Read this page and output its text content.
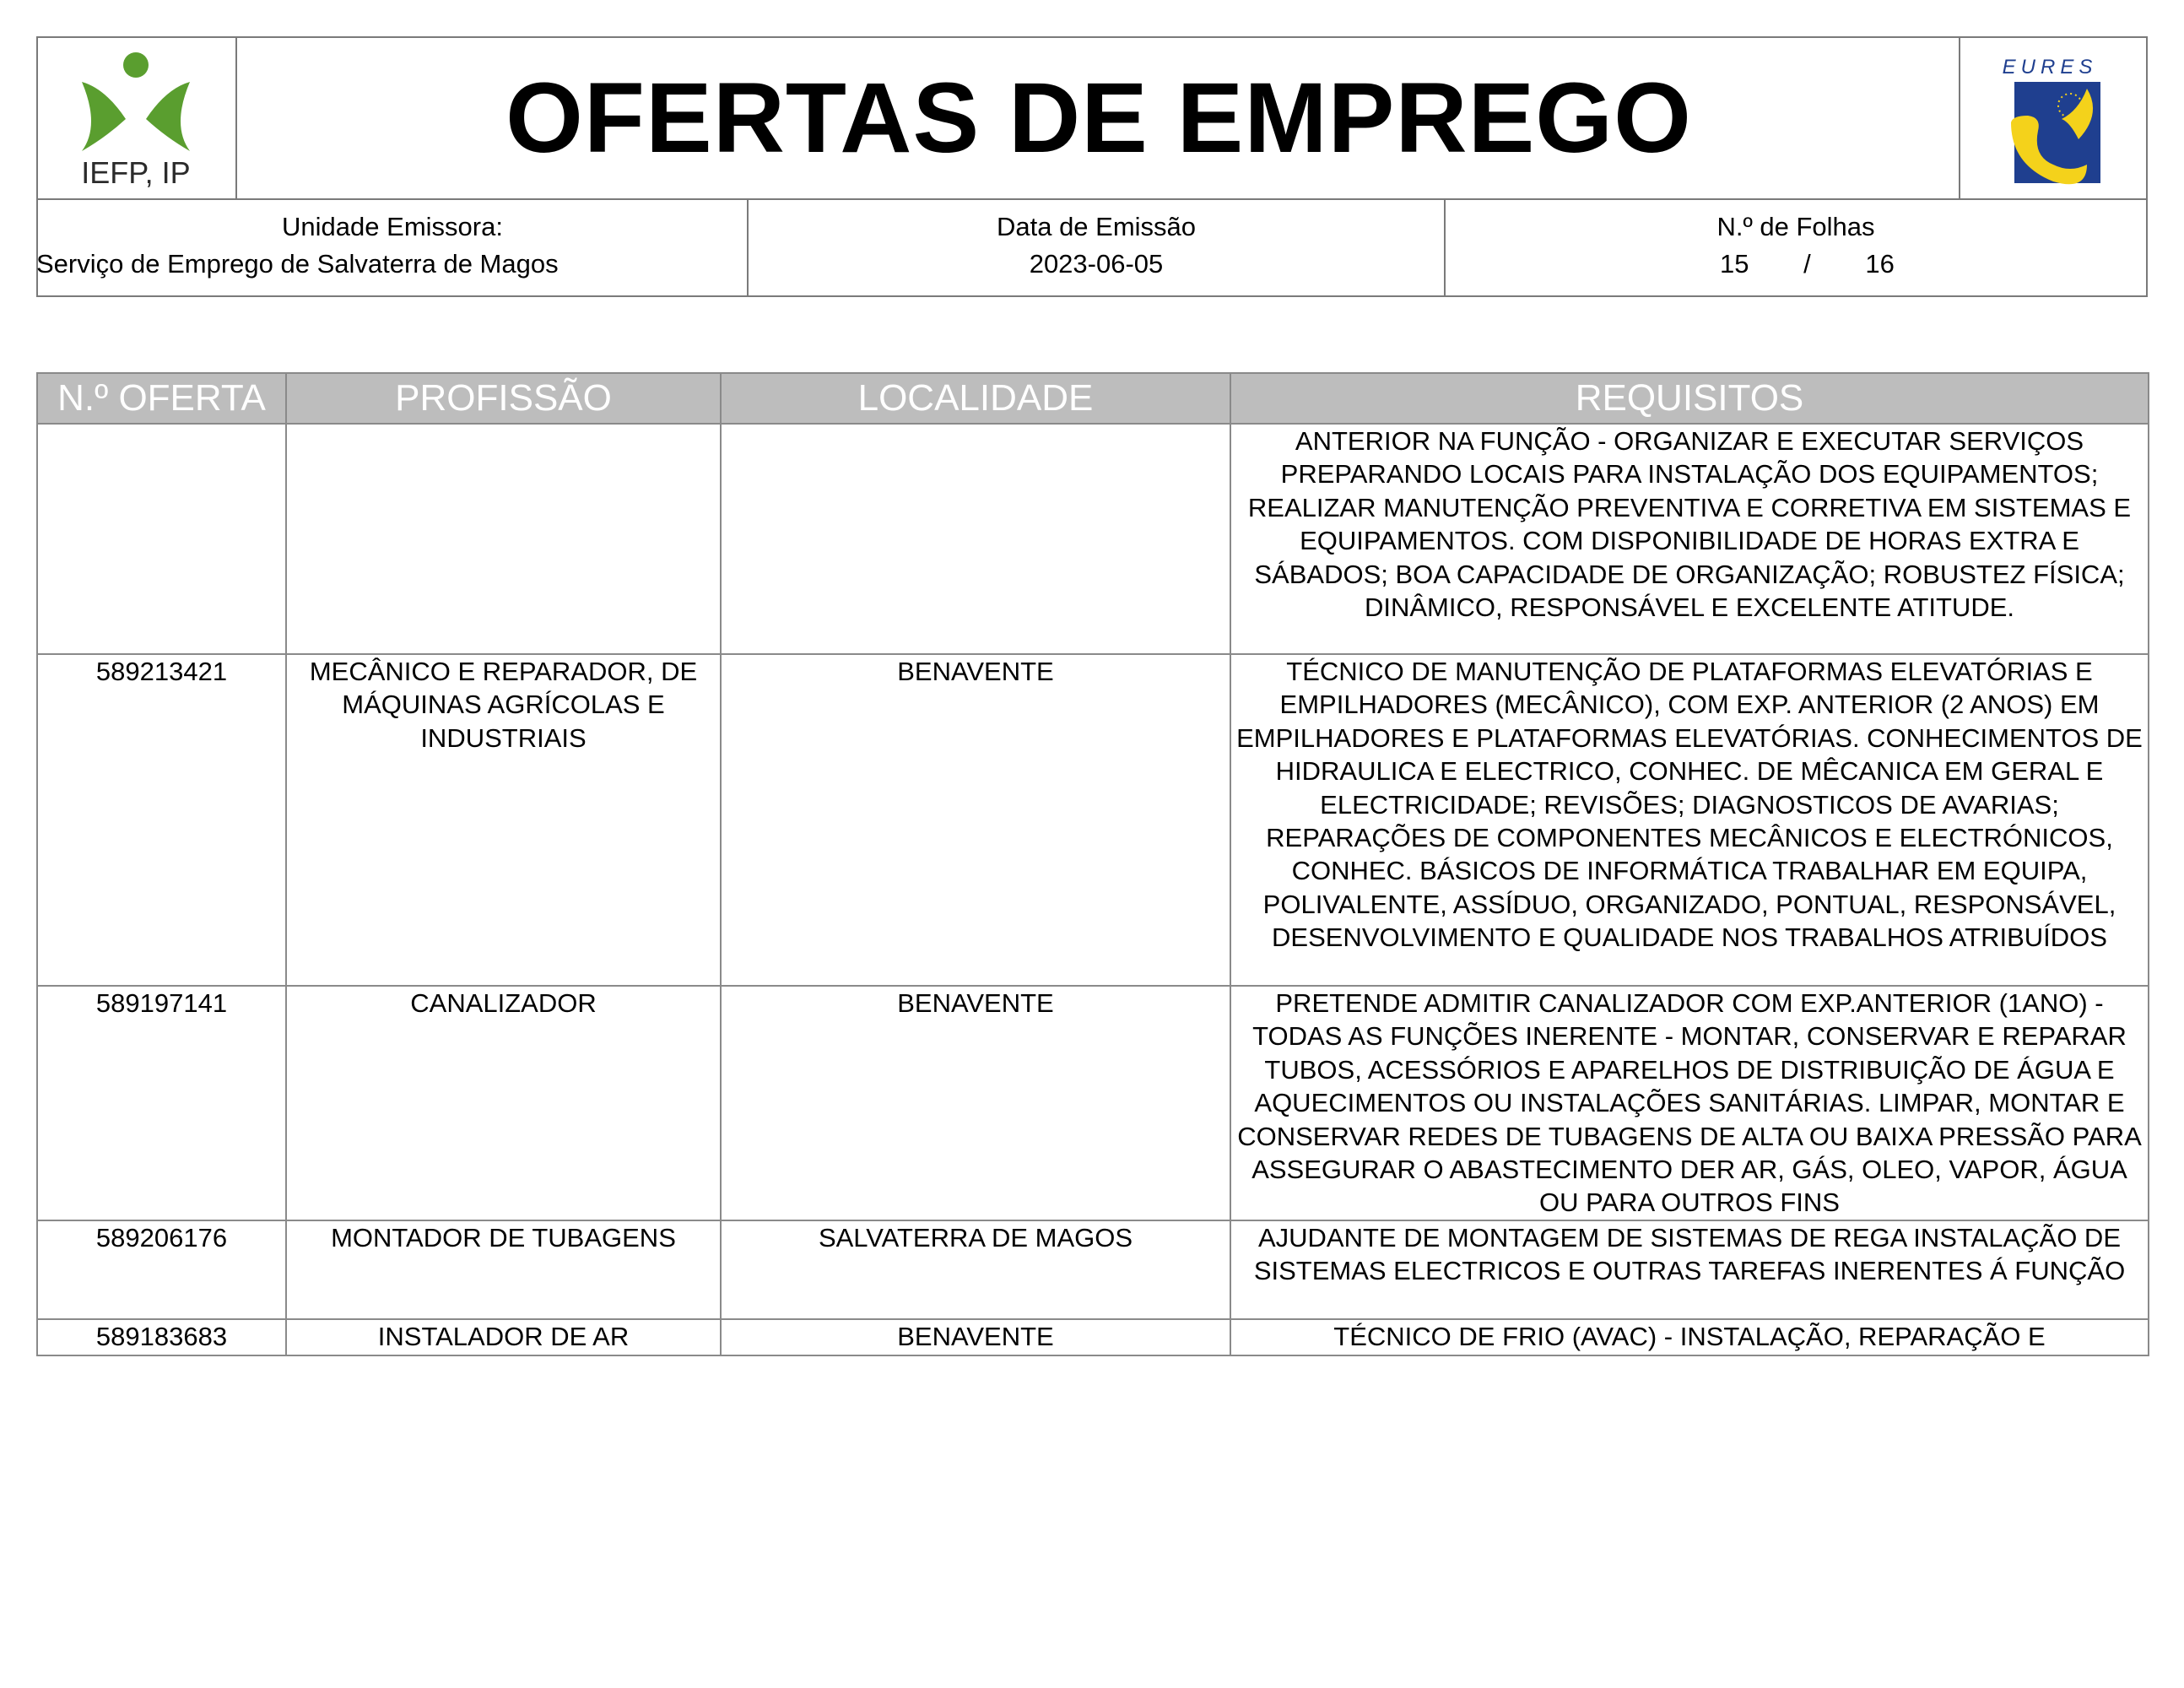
IEFP, IP	OFERTAS DE EMPREGO	EURES
Unidade Emissora:
Serviço de Emprego de Salvaterra de Magos
Data de Emissão
2023-06-05
N.º de Folhas
15 / 16
N.º OFERTA	PROFISSÃO	LOCALIDADE	REQUISITOS
			ANTERIOR NA FUNÇÃO - ORGANIZAR E EXECUTAR SERVIÇOS PREPARANDO LOCAIS PARA INSTALAÇÃO DOS EQUIPAMENTOS; REALIZAR MANUTENÇÃO PREVENTIVA E CORRETIVA EM SISTEMAS E EQUIPAMENTOS. COM DISPONIBILIDADE DE HORAS EXTRA E SÁBADOS; BOA CAPACIDADE DE ORGANIZAÇÃO; ROBUSTEZ FÍSICA; DINÂMICO, RESPONSÁVEL E EXCELENTE ATITUDE.
589213421	MECÂNICO E REPARADOR, DE MÁQUINAS AGRÍCOLAS E INDUSTRIAIS	BENAVENTE	TÉCNICO DE MANUTENÇÃO DE PLATAFORMAS ELEVATÓRIAS E EMPILHADORES (MECÂNICO), COM EXP. ANTERIOR (2 ANOS) EM EMPILHADORES E PLATAFORMAS ELEVATÓRIAS. CONHECIMENTOS DE HIDRAULICA E ELECTRICO, CONHEC. DE MÊCANICA EM GERAL E ELECTRICIDADE; REVISÕES; DIAGNOSTICOS DE AVARIAS; REPARAÇÕES DE COMPONENTES MECÂNICOS E ELECTRÓNICOS, CONHEC. BÁSICOS DE INFORMÁTICA TRABALHAR EM EQUIPA, POLIVALENTE, ASSÍDUO, ORGANIZADO, PONTUAL, RESPONSÁVEL, DESENVOLVIMENTO E QUALIDADE NOS TRABALHOS ATRIBUÍDOS
589197141	CANALIZADOR	BENAVENTE	PRETENDE ADMITIR CANALIZADOR COM EXP.ANTERIOR (1ANO) - TODAS AS FUNÇÕES INERENTE - MONTAR, CONSERVAR E REPARAR TUBOS, ACESSÓRIOS E APARELHOS DE DISTRIBUIÇÃO DE ÁGUA E AQUECIMENTOS OU INSTALAÇÕES SANITÁRIAS. LIMPAR, MONTAR E CONSERVAR REDES DE TUBAGENS DE ALTA OU BAIXA PRESSÃO PARA ASSEGURAR O ABASTECIMENTO DER AR, GÁS, OLEO, VAPOR, ÁGUA OU PARA OUTROS FINS
589206176	MONTADOR DE TUBAGENS	SALVATERRA DE MAGOS	AJUDANTE DE MONTAGEM DE SISTEMAS DE REGA INSTALAÇÃO DE SISTEMAS ELECTRICOS E OUTRAS TAREFAS INERENTES Á FUNÇÃO
589183683	INSTALADOR DE AR	BENAVENTE	TÉCNICO DE FRIO (AVAC) - INSTALAÇÃO, REPARAÇÃO E
